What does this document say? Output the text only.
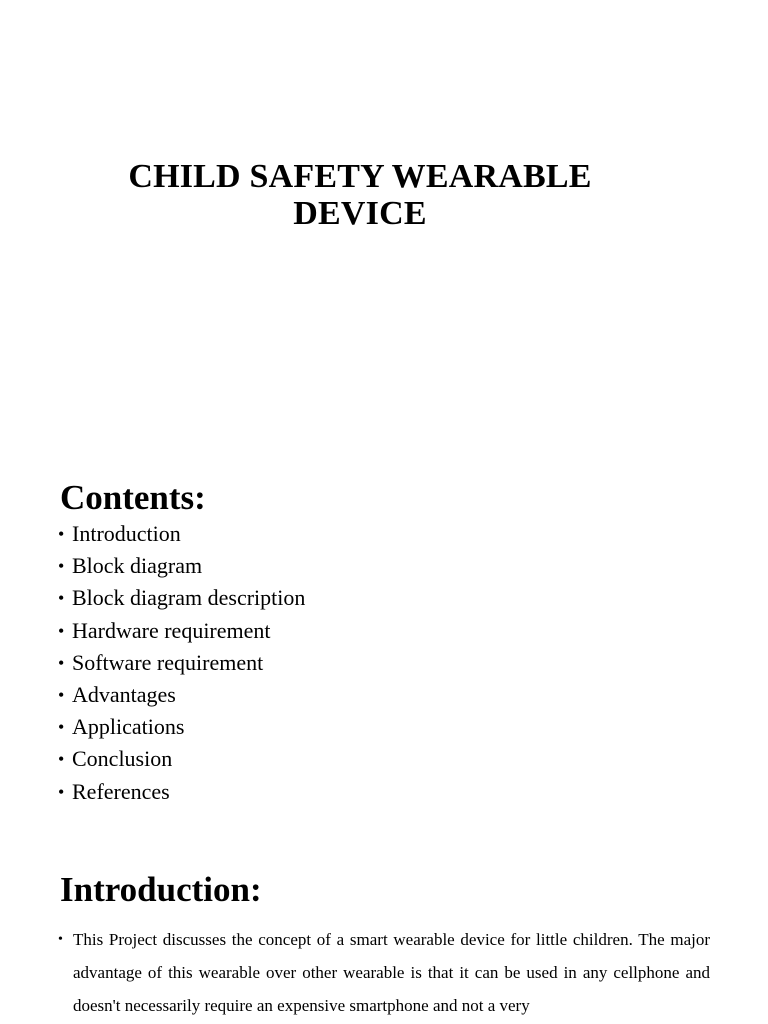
CHILD SAFETY WEARABLE
DEVICE
Contents:
• Introduction
• Block diagram
• Block diagram description
• Hardware requirement
• Software requirement
• Advantages
• Applications
• Conclusion
• References
Introduction:

• This Project discusses the concept of a smart wearable device for little children. The major advantage of this wearable over other wearable is that it can be used in any cellphone and doesn't necessarily require an expensive smartphone and not a very
